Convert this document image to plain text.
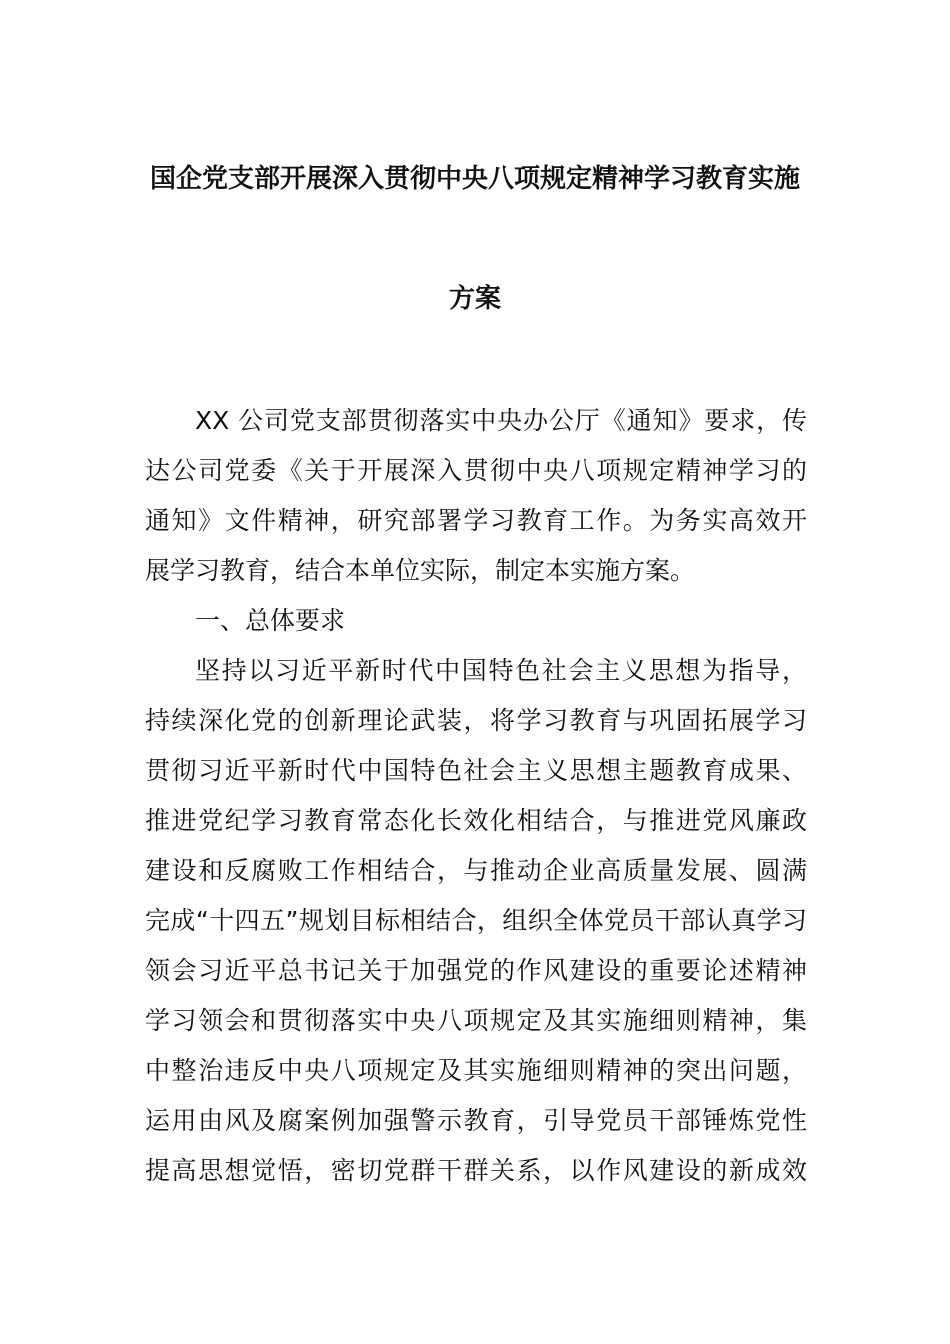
国企党支部开展深入贯彻中央八项规定精神学习教育实施
方案
XX 公司党支部贯彻落实中央办公厅《通知》要求，传
达公司党委《关于开展深入贯彻中央八项规定精神学习的
通知》文件精神，研究部署学习教育工作。为务实高效开
展学习教育，结合本单位实际，制定本实施方案。
一、总体要求
坚持以习近平新时代中国特色社会主义思想为指导，
持续深化党的创新理论武装，将学习教育与巩固拓展学习
贯彻习近平新时代中国特色社会主义思想主题教育成果、
推进党纪学习教育常态化长效化相结合，与推进党风廉政
建设和反腐败工作相结合，与推动企业高质量发展、圆满
完成“十四五”规划目标相结合，组织全体党员干部认真学习
领会习近平总书记关于加强党的作风建设的重要论述精神
学习领会和贯彻落实中央八项规定及其实施细则精神，集
中整治违反中央八项规定及其实施细则精神的突出问题，
运用由风及腐案例加强警示教育，引导党员干部锤炼党性
提高思想觉悟，密切党群干群关系，以作风建设的新成效
